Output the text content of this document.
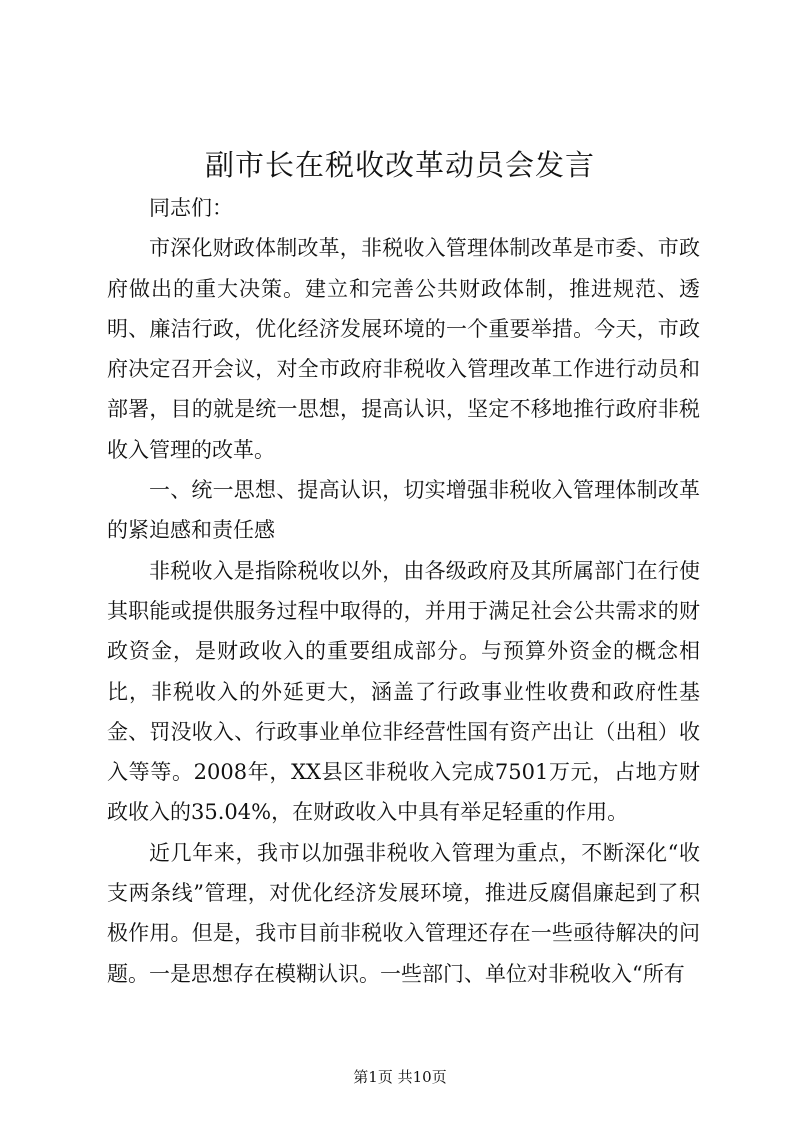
副市长在税收改革动员会发言

同志们：

市深化财政体制改革，非税收入管理体制改革是市委、市政府做出的重大决策。建立和完善公共财政体制，推进规范、透明、廉洁行政，优化经济发展环境的一个重要举措。今天，市政府决定召开会议，对全市政府非税收入管理改革工作进行动员和部署，目的就是统一思想，提高认识，坚定不移地推行政府非税收入管理的改革。

一、统一思想、提高认识，切实增强非税收入管理体制改革的紧迫感和责任感

非税收入是指除税收以外，由各级政府及其所属部门在行使其职能或提供服务过程中取得的，并用于满足社会公共需求的财政资金，是财政收入的重要组成部分。与预算外资金的概念相比，非税收入的外延更大，涵盖了行政事业性收费和政府性基金、罚没收入、行政事业单位非经营性国有资产出让（出租）收入等等。2008年，XX县区非税收入完成7501万元，占地方财政收入的35.04%，在财政收入中具有举足轻重的作用。

近几年来，我市以加强非税收入管理为重点，不断深化“收支两条线”管理，对优化经济发展环境，推进反腐倡廉起到了积极作用。但是，我市目前非税收入管理还存在一些亟待解决的问题。一是思想存在模糊认识。一些部门、单位对非税收入“所有

第1页 共10页
